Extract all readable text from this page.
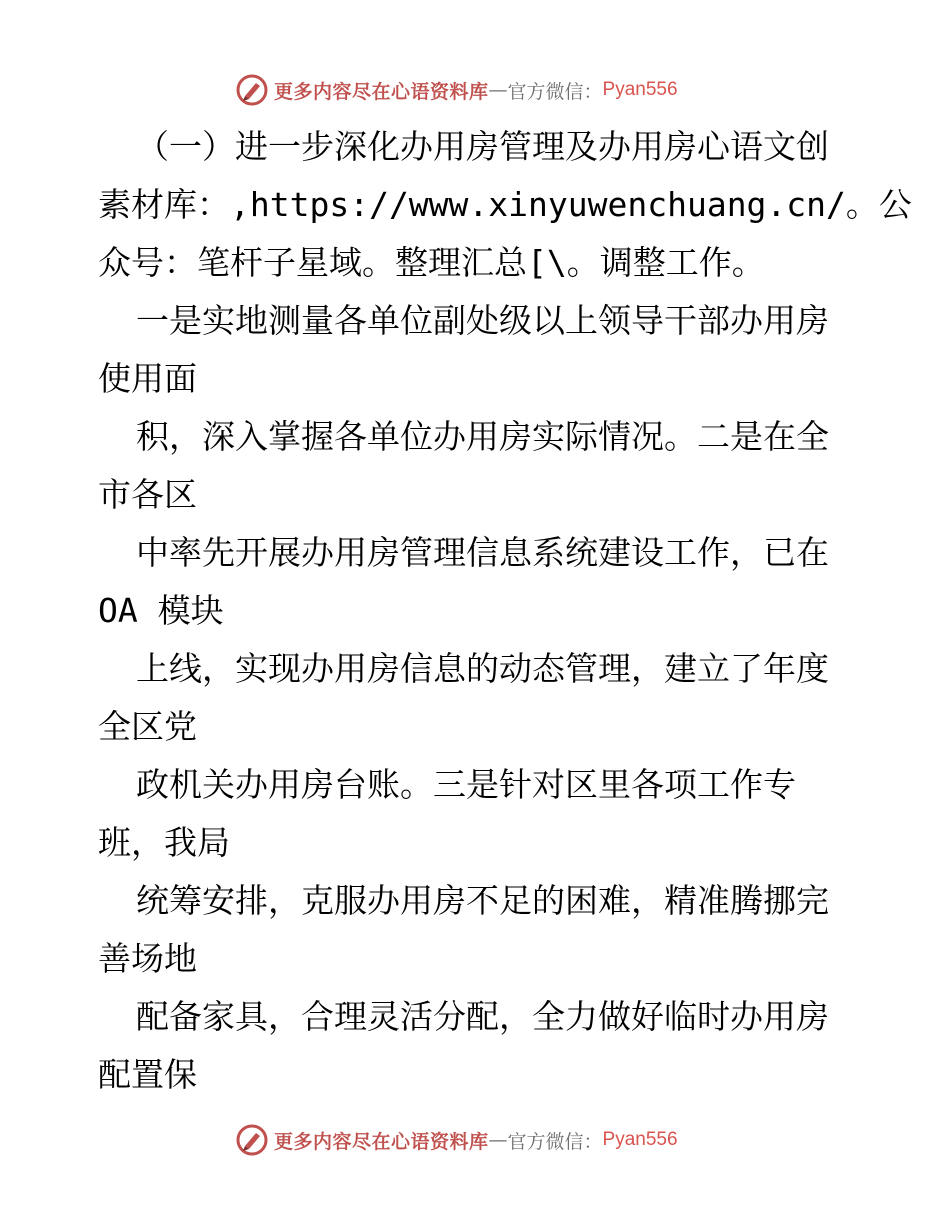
更多内容尽在心语资料库 — 官方微信： Pyan556
（一）进一步深化办用房管理及办用房心语文创
素材库：,https://www.xinyuwenchuang.cn/。公
众号：笔杆子星域。整理汇总[\。调整工作。
一是实地测量各单位副处级以上领导干部办用房
使用面
积，深入掌握各单位办用房实际情况。二是在全
市各区
中率先开展办用房管理信息系统建设工作，已在
OA 模块
上线，实现办用房信息的动态管理，建立了年度
全区党
政机关办用房台账。三是针对区里各项工作专
班，我局
统筹安排，克服办用房不足的困难，精准腾挪完
善场地
配备家具，合理灵活分配，全力做好临时办用房
配置保
更多内容尽在心语资料库 — 官方微信： Pyan556
